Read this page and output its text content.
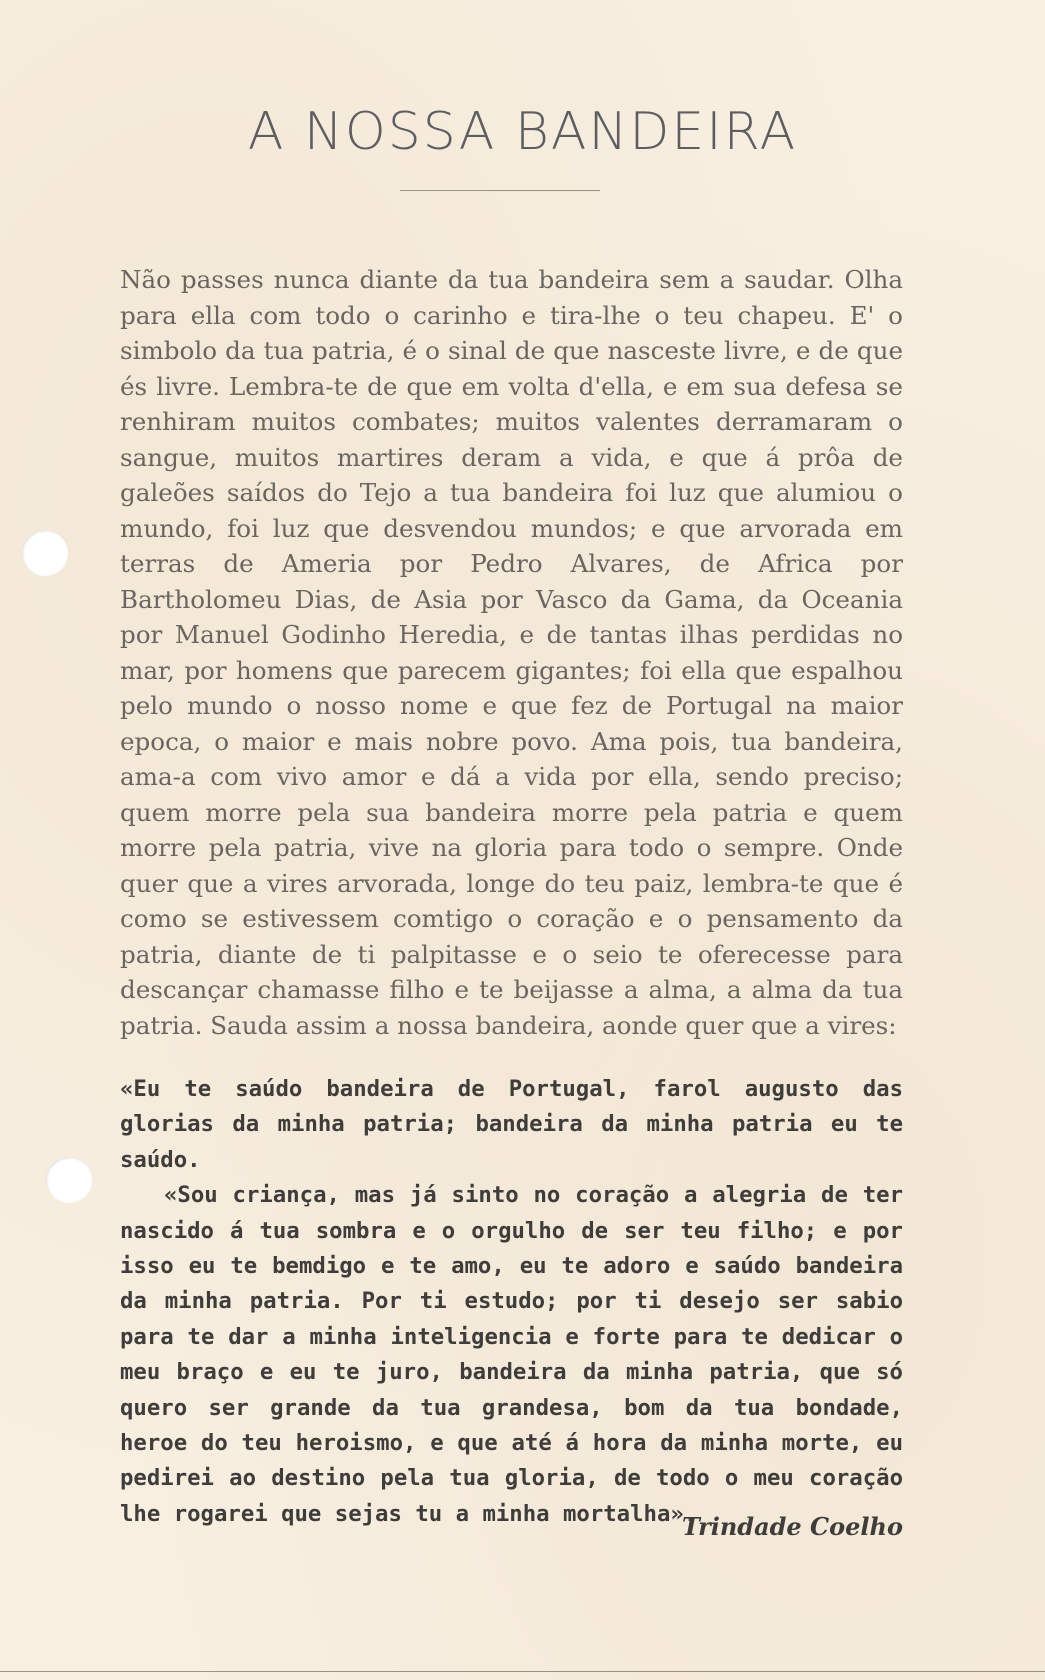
A NOSSA BANDEIRA

Não passes nunca diante da tua bandeira sem a saudar. Olha para ella com todo o carinho e tira-lhe o teu chapeu. E' o simbolo da tua patria, é o sinal de que nasceste livre, e de que és livre. Lembra-te de que em volta d'ella, e em sua defesa se renhiram muitos combates; muitos valentes derramaram o sangue, muitos martires deram a vida, e que á prôa de galeões saídos do Tejo a tua bandeira foi luz que alumiou o mundo, foi luz que desvendou mundos; e que arvorada em terras de Ameria por Pedro Alvares, de Africa por Bartholomeu Dias, de Asia por Vasco da Gama, da Oceania por Manuel Godinho Heredia, e de tantas ilhas perdidas no mar, por homens que parecem gigantes; foi ella que espalhou pelo mundo o nosso nome e que fez de Portugal na maior epoca, o maior e mais nobre povo. Ama pois, tua bandeira, ama-a com vivo amor e dá a vida por ella, sendo preciso; quem morre pela sua bandeira morre pela patria e quem morre pela patria, vive na gloria para todo o sempre. Onde quer que a vires arvorada, longe do teu paiz, lembra-te que é como se estivessem comtigo o coração e o pensamento da patria, diante de ti palpitasse e o seio te oferecesse para descançar chamasse filho e te beijasse a alma, a alma da tua patria. Sauda assim a nossa bandeira, aonde quer que a vires:

«Eu te saúdo bandeira de Portugal, farol augusto das glorias da minha patria; bandeira da minha patria eu te saúdo.

«Sou criança, mas já sinto no coração a alegria de ter nascido á tua sombra e o orgulho de ser teu filho; e por isso eu te bemdigo e te amo, eu te adoro e saúdo bandeira da minha patria. Por ti estudo; por ti desejo ser sabio para te dar a minha inteligencia e forte para te dedicar o meu braço e eu te juro, bandeira da minha patria, que só quero ser grande da tua grandesa, bom da tua bondade, heroe do teu heroismo, e que até á hora da minha morte, eu pedirei ao destino pela tua gloria, de todo o meu coração lhe rogarei que sejas tu a minha mortalha».

Trindade Coelho
